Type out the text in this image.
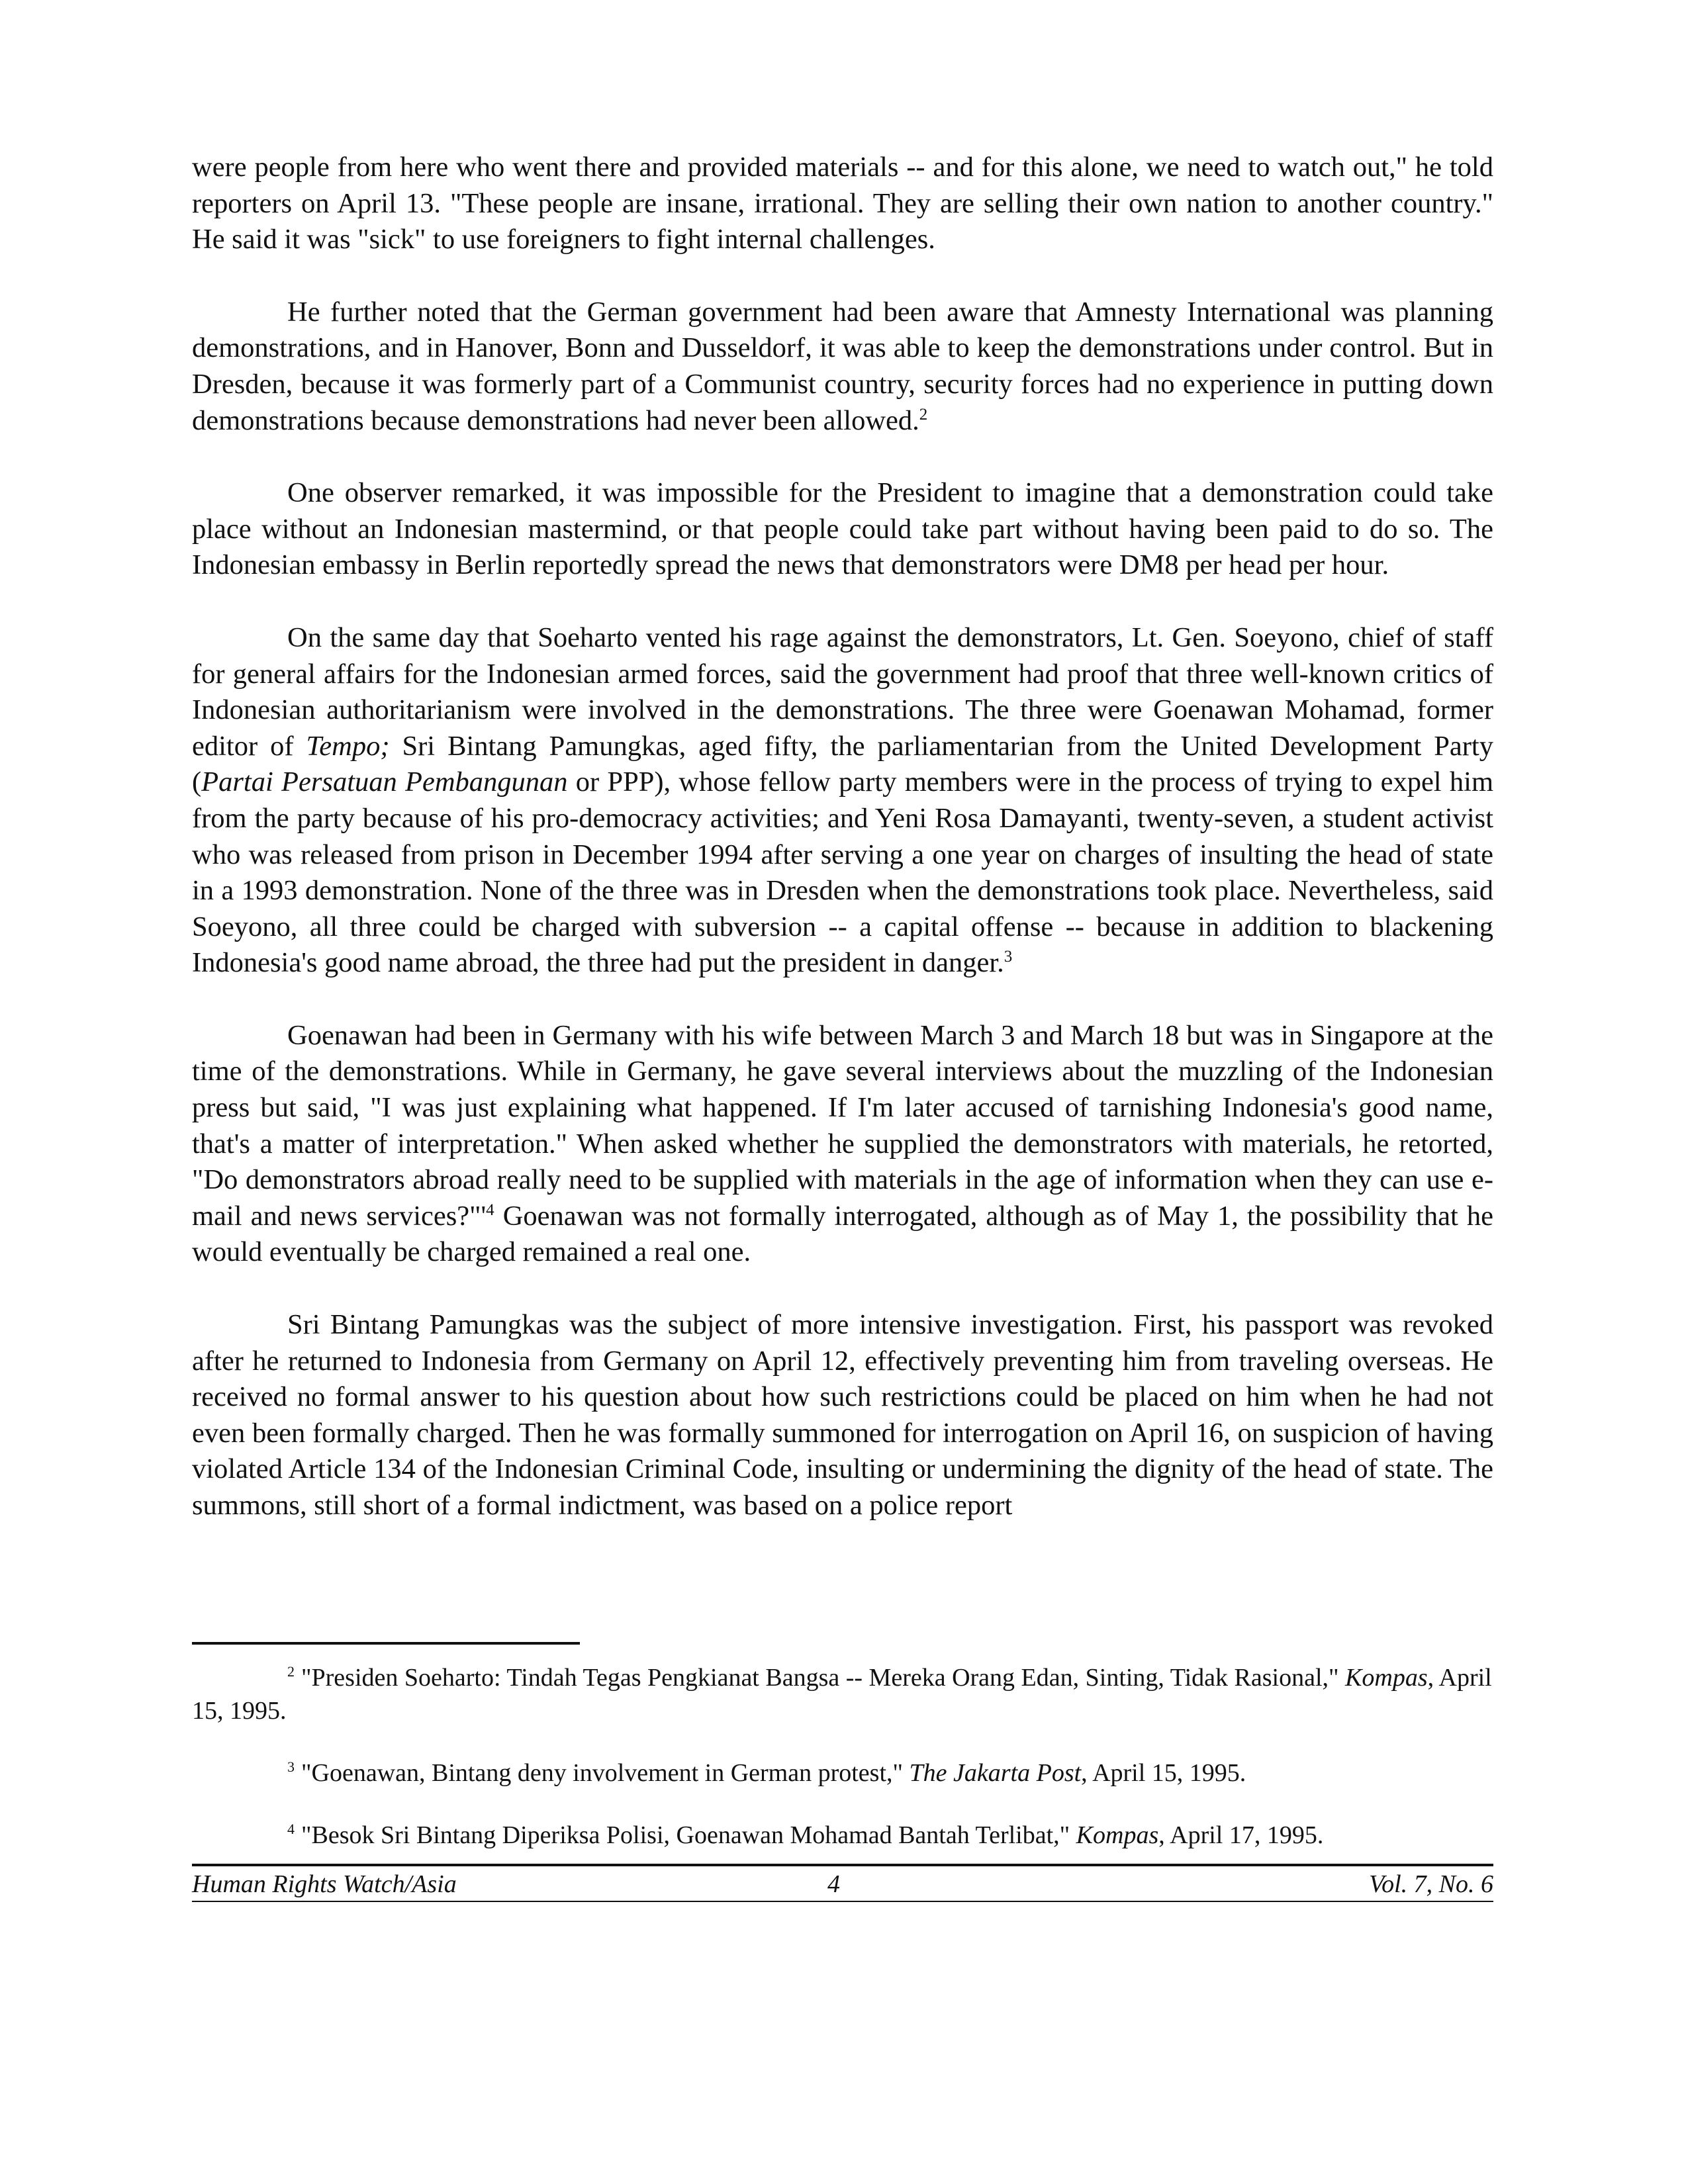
were people from here who went there and provided materials -- and for this alone, we need to watch out," he told reporters on April 13. "These people are insane, irrational. They are selling their own nation to another country." He said it was "sick" to use foreigners to fight internal challenges.

He further noted that the German government had been aware that Amnesty International was planning demonstrations, and in Hanover, Bonn and Dusseldorf, it was able to keep the demonstrations under control. But in Dresden, because it was formerly part of a Communist country, security forces had no experience in putting down demonstrations because demonstrations had never been allowed.$^2$

One observer remarked, it was impossible for the President to imagine that a demonstration could take place without an Indonesian mastermind, or that people could take part without having been paid to do so. The Indonesian embassy in Berlin reportedly spread the news that demonstrators were DM8 per head per hour.

On the same day that Soeharto vented his rage against the demonstrators, Lt. Gen. Soeyono, chief of staff for general affairs for the Indonesian armed forces, said the government had proof that three well-known critics of Indonesian authoritarianism were involved in the demonstrations. The three were Goenawan Mohamad, former editor of Tempo; Sri Bintang Pamungkas, aged fifty, the parliamentarian from the United Development Party (Partai Persatuan Pembangunan or PPP), whose fellow party members were in the process of trying to expel him from the party because of his pro-democracy activities; and Yeni Rosa Damayanti, twenty-seven, a student activist who was released from prison in December 1994 after serving a one year on charges of insulting the head of state in a 1993 demonstration. None of the three was in Dresden when the demonstrations took place. Nevertheless, said Soeyono, all three could be charged with subversion -- a capital offense -- because in addition to blackening Indonesia's good name abroad, the three had put the president in danger.$^3$

Goenawan had been in Germany with his wife between March 3 and March 18 but was in Singapore at the time of the demonstrations. While in Germany, he gave several interviews about the muzzling of the Indonesian press but said, "I was just explaining what happened. If I'm later accused of tarnishing Indonesia's good name, that's a matter of interpretation." When asked whether he supplied the demonstrators with materials, he retorted, "Do demonstrators abroad really need to be supplied with materials in the age of information when they can use e-mail and news services?"'$^4$ Goenawan was not formally interrogated, although as of May 1, the possibility that he would eventually be charged remained a real one.

Sri Bintang Pamungkas was the subject of more intensive investigation. First, his passport was revoked after he returned to Indonesia from Germany on April 12, effectively preventing him from traveling overseas. He received no formal answer to his question about how such restrictions could be placed on him when he had not even been formally charged. Then he was formally summoned for interrogation on April 16, on suspicion of having violated Article 134 of the Indonesian Criminal Code, insulting or undermining the dignity of the head of state. The summons, still short of a formal indictment, was based on a police report

$^2$ "Presiden Soeharto: Tindah Tegas Pengkianat Bangsa -- Mereka Orang Edan, Sinting, Tidak Rasional," Kompas, April 15, 1995.

$^3$ "Goenawan, Bintang deny involvement in German protest," The Jakarta Post, April 15, 1995.

$^4$ "Besok Sri Bintang Diperiksa Polisi, Goenawan Mohamad Bantah Terlibat," Kompas, April 17, 1995.

Human Rights Watch/Asia	4	Vol. 7, No. 6
